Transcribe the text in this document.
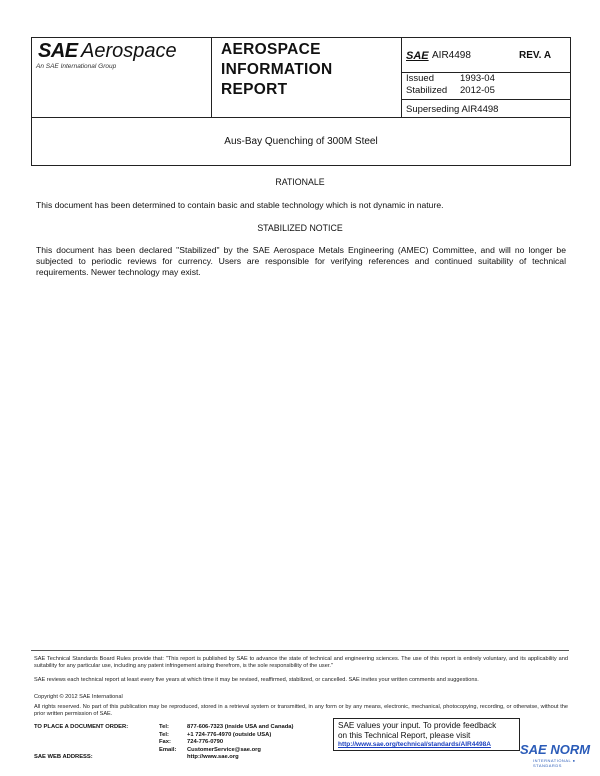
SAE Aerospace
An SAE International Group
AEROSPACE
INFORMATION
REPORT
SAE AIR4498	REV. A
Issued	1993-04
Stabilized 2012-05
Superseding AIR4498
Aus-Bay Quenching of 300M Steel
RATIONALE
This document has been determined to contain basic and stable technology which is not dynamic in nature.
STABILIZED NOTICE
This document has been declared "Stabilized" by the SAE Aerospace Metals Engineering (AMEC) Committee, and will no longer be subjected to periodic reviews for currency. Users are responsible for verifying references and continued suitability of technical requirements. Newer technology may exist.
SAE Technical Standards Board Rules provide that: "This report is published by SAE to advance the state of technical and engineering sciences. The use of this report is entirely voluntary, and its applicability and suitability for any particular use, including any patent infringement arising therefrom, is the sole responsibility of the user."
SAE reviews each technical report at least every five years at which time it may be revised, reaffirmed, stabilized, or cancelled. SAE invites your written comments and suggestions.
Copyright © 2012 SAE International
All rights reserved. No part of this publication may be reproduced, stored in a retrieval system or transmitted, in any form or by any means, electronic, mechanical, photocopying, recording, or otherwise, without the prior written permission of SAE.
TO PLACE A DOCUMENT ORDER:
SAE WEB ADDRESS:
Tel:	877-606-7323 (inside USA and Canada)
Tel:	+1 724-776-4970 (outside USA)
Fax:	724-776-0790
Email:	CustomerService@sae.org
http://www.sae.org
SAE values your input. To provide feedback
on this Technical Report, please visit
http://www.sae.org/technical/standards/AIR4498A	SAE NORM
INTERNATIONAL ● STANDARDS
